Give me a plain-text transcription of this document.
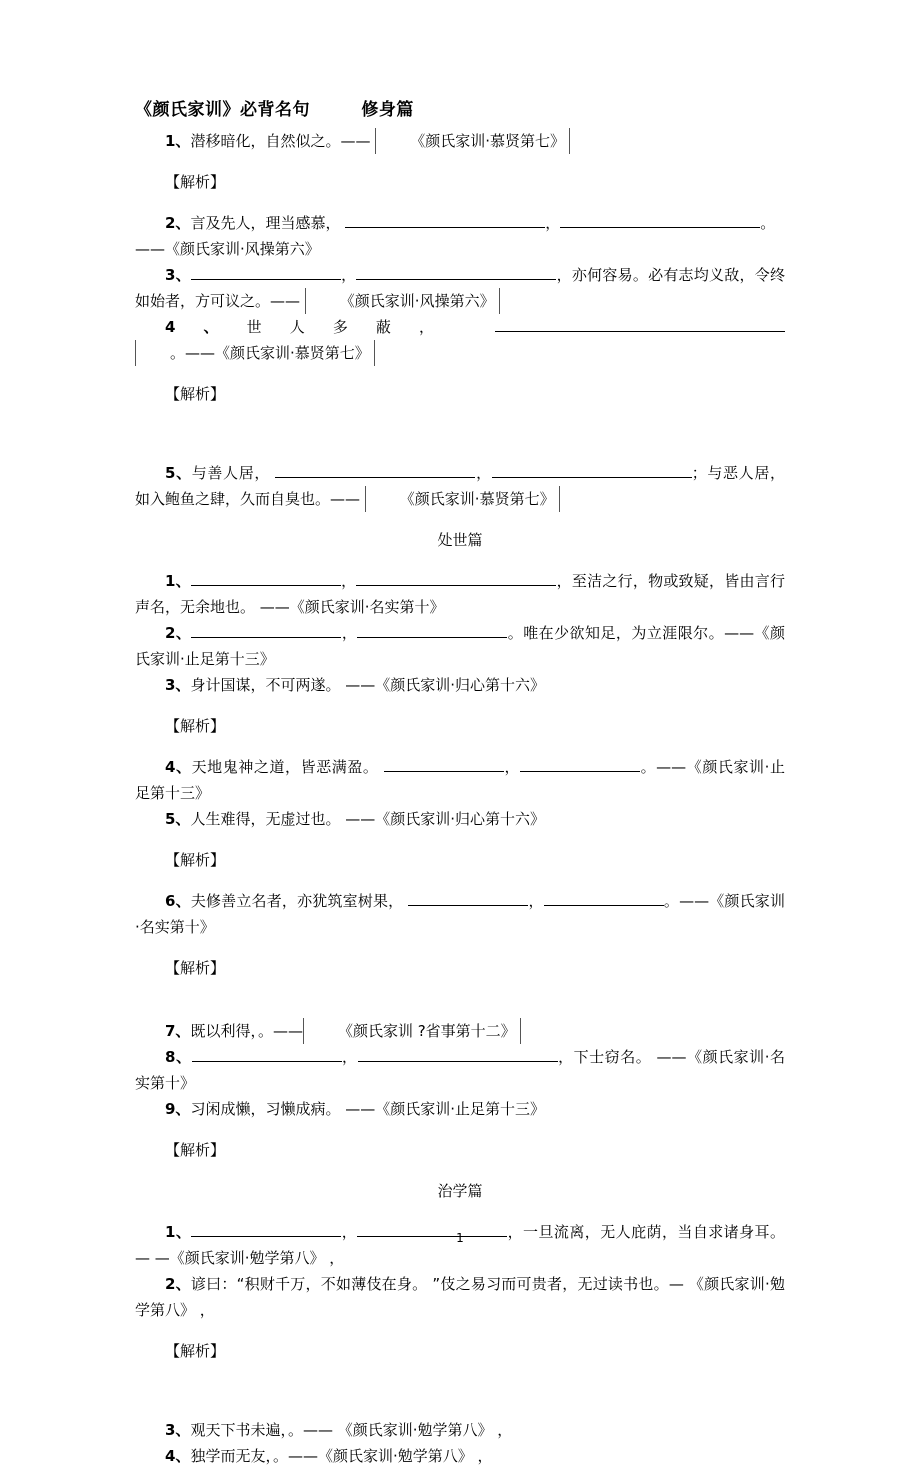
《颜氏家训》必背名句        修身篇

1、潜移暗化，自然似之。——	《颜氏家训·慕贤第七》

【解析】

2、言及先人，理当感慕，	，	。

——《颜氏家训·风操第六》

3、	，	，亦何容易。必有志均义敌，令终如始者，方可议之。——	《颜氏家训·风操第六》

4、世人多蔽， 。——《颜氏家训·慕贤第七》

【解析】

5、与善人居，	，	；与恶人居，如入鲍鱼之肆，久而自臭也。——	《颜氏家训·慕贤第七》

处世篇

1、	，	，至洁之行，物或致疑，皆由言行声名，无余地也。 ——《颜氏家训·名实第十》

2、	，	。唯在少欲知足，为立涯限尔。——《颜氏家训·止足第十三》

3、身计国谋，不可两遂。 ——《颜氏家训·归心第十六》

【解析】

4、天地鬼神之道，皆恶满盈。	，	。——《颜氏家训·止足第十三》

5、人生难得，无虚过也。 ——《颜氏家训·归心第十六》

【解析】

6、夫修善立名者，亦犹筑室树果，	，	。——《颜氏家训·名实第十》

【解析】

7、既以利得，。—— 《颜氏家训 ?省事第十二》

8、	，	，下士窃名。 ——《颜氏家训·名实第十》

9、习闲成懒，习懒成病。 ——《颜氏家训·止足第十三》

【解析】

治学篇

1、	，	，一旦流离，无人庇荫，当自求诸身耳。— —《颜氏家训·勉学第八》 ，

2、谚曰：“积财千万，不如薄伎在身。 ”伎之易习而可贵者，无过读书也。— 《颜氏家训·勉学第八》 ，

【解析】

3、观天下书未遍，。—— 《颜氏家训·勉学第八》 ，

4、独学而无友，。——《颜氏家训·勉学第八》 ，

1
